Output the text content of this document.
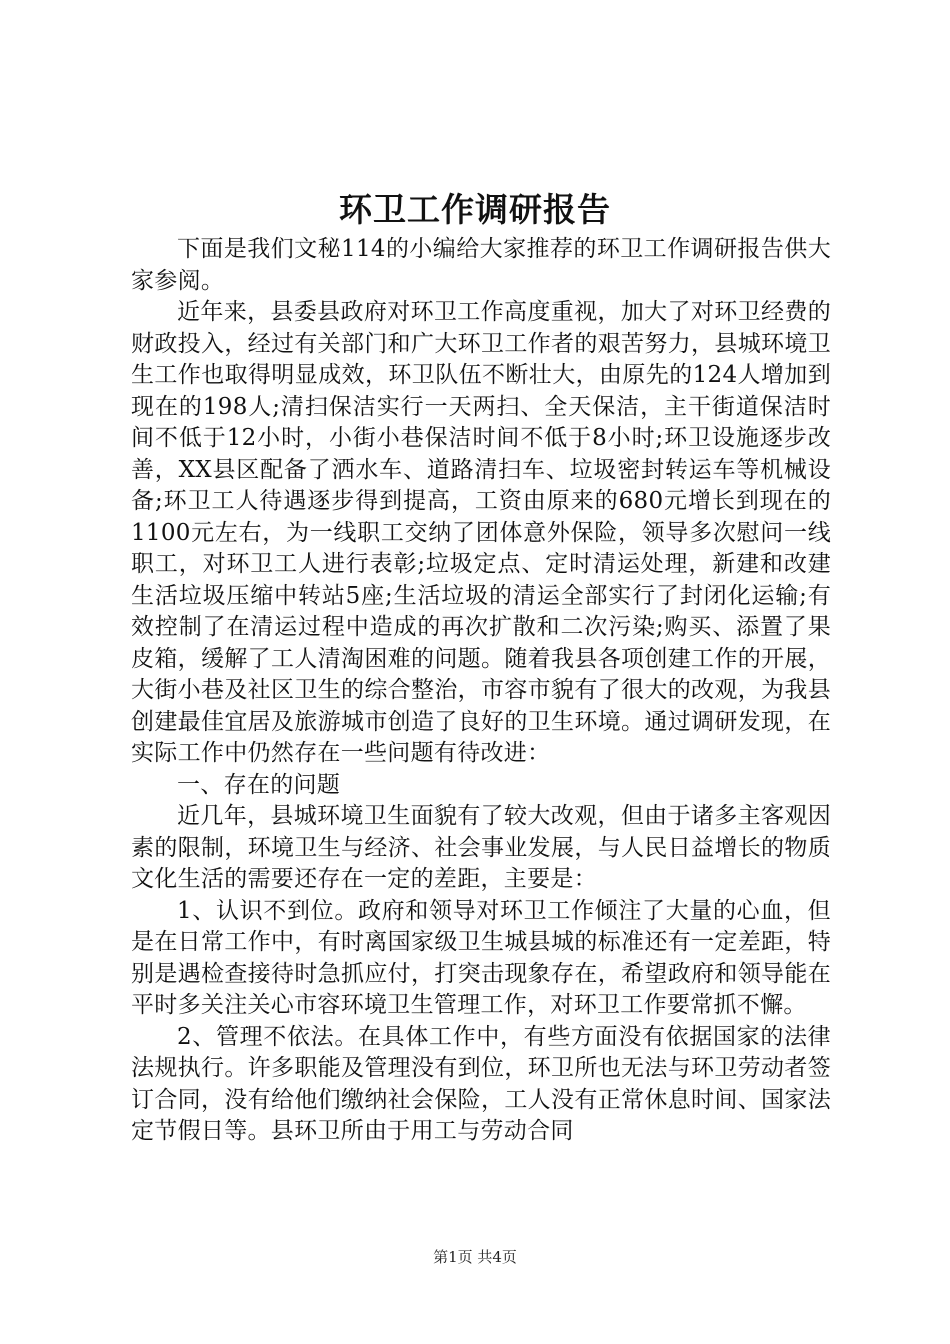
环卫工作调研报告

下面是我们文秘114的小编给大家推荐的环卫工作调研报告供大家参阅。

近年来，县委县政府对环卫工作高度重视，加大了对环卫经费的财政投入，经过有关部门和广大环卫工作者的艰苦努力，县城环境卫生工作也取得明显成效，环卫队伍不断壮大，由原先的124人增加到现在的198人;清扫保洁实行一天两扫、全天保洁，主干街道保洁时间不低于12小时，小街小巷保洁时间不低于8小时;环卫设施逐步改善，XX县区配备了洒水车、道路清扫车、垃圾密封转运车等机械设备;环卫工人待遇逐步得到提高，工资由原来的680元增长到现在的1100元左右，为一线职工交纳了团体意外保险，领导多次慰问一线职工，对环卫工人进行表彰;垃圾定点、定时清运处理，新建和改建生活垃圾压缩中转站5座;生活垃圾的清运全部实行了封闭化运输;有效控制了在清运过程中造成的再次扩散和二次污染;购买、添置了果皮箱，缓解了工人清淘困难的问题。随着我县各项创建工作的开展，大街小巷及社区卫生的综合整治，市容市貌有了很大的改观，为我县创建最佳宜居及旅游城市创造了良好的卫生环境。通过调研发现，在实际工作中仍然存在一些问题有待改进：

一、存在的问题

近几年，县城环境卫生面貌有了较大改观，但由于诸多主客观因素的限制，环境卫生与经济、社会事业发展，与人民日益增长的物质文化生活的需要还存在一定的差距，主要是：

1、认识不到位。政府和领导对环卫工作倾注了大量的心血，但是在日常工作中，有时离国家级卫生城县城的标准还有一定差距，特别是遇检查接待时急抓应付，打突击现象存在，希望政府和领导能在平时多关注关心市容环境卫生管理工作，对环卫工作要常抓不懈。

2、管理不依法。在具体工作中，有些方面没有依据国家的法律法规执行。许多职能及管理没有到位，环卫所也无法与环卫劳动者签订合同，没有给他们缴纳社会保险，工人没有正常休息时间、国家法定节假日等。县环卫所由于用工与劳动合同

第1页 共4页
